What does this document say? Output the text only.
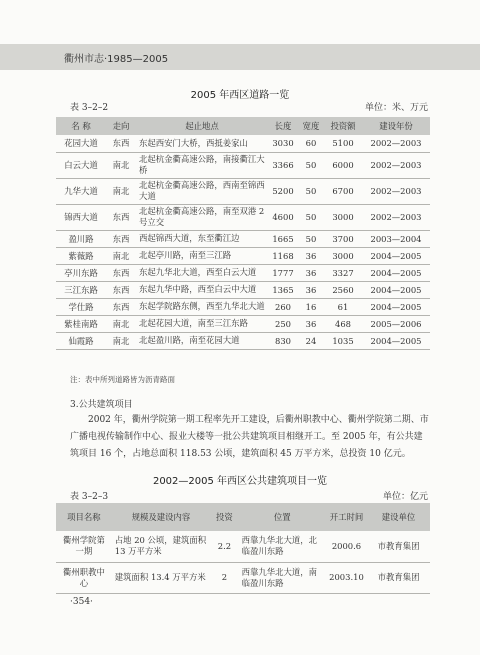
衢州市志·1985—2005
2005 年西区道路一览
表 3–2–2	单位：米、万元
名 称	走向	起止地点	长度	宽度	投资额	建设年份
花园大道	东西	东起西安门大桥，西抵姜家山	3030	60	5100	2002—2003
白云大道	南北	北起杭金衢高速公路，南接衢江大桥	3366	50	6000	2002—2003
九华大道	南北	北起杭金衢高速公路，西南至锦西大道	5200	50	6700	2002—2003
锦西大道	东西	北起杭金衢高速公路，南至双港 2 号立交	4600	50	3000	2002—2003
盈川路	东西	西起锦西大道，东至衢江边	1665	50	3700	2003—2004
紫薇路	南北	北起亭川路，南至三江路	1168	36	3000	2004—2005
亭川东路	东西	东起九华北大道，西至白云大道	1777	36	3327	2004—2005
三江东路	东西	东起九华中路，西至白云中大道	1365	36	2560	2004—2005
学仕路	东西	东起学院路东侧，西至九华北大道	260	16	61	2004—2005
紫桂南路	南北	北起花园大道，南至三江东路	250	36	468	2005—2006
仙霞路	南北	北起盈川路，南至花园大道	830	24	1035	2004—2005
注：表中所列道路皆为沥青路面
3.公共建筑项目
2002 年，衢州学院第一期工程率先开工建设，后衢州职教中心、衢州学院第二期、市广播电视传输制作中心、报业大楼等一批公共建筑项目相继开工。至 2005 年，有公共建筑项目 16 个，占地总面积 118.53 公顷，建筑面积 45 万平方米，总投资 10 亿元。
2002—2005 年西区公共建筑项目一览
表 3–2–3	单位：亿元
项目名称	规模及建设内容	投资	位置	开工时间	建设单位
衢州学院第一期	占地 20 公顷，建筑面积 13 万平方米	2.2	西靠九华北大道，北临盈川东路	2000.6	市教育集团
衢州职教中心	建筑面积 13.4 万平方米	2	西靠九华北大道，南临盈川东路	2003.10	市教育集团
·354·
